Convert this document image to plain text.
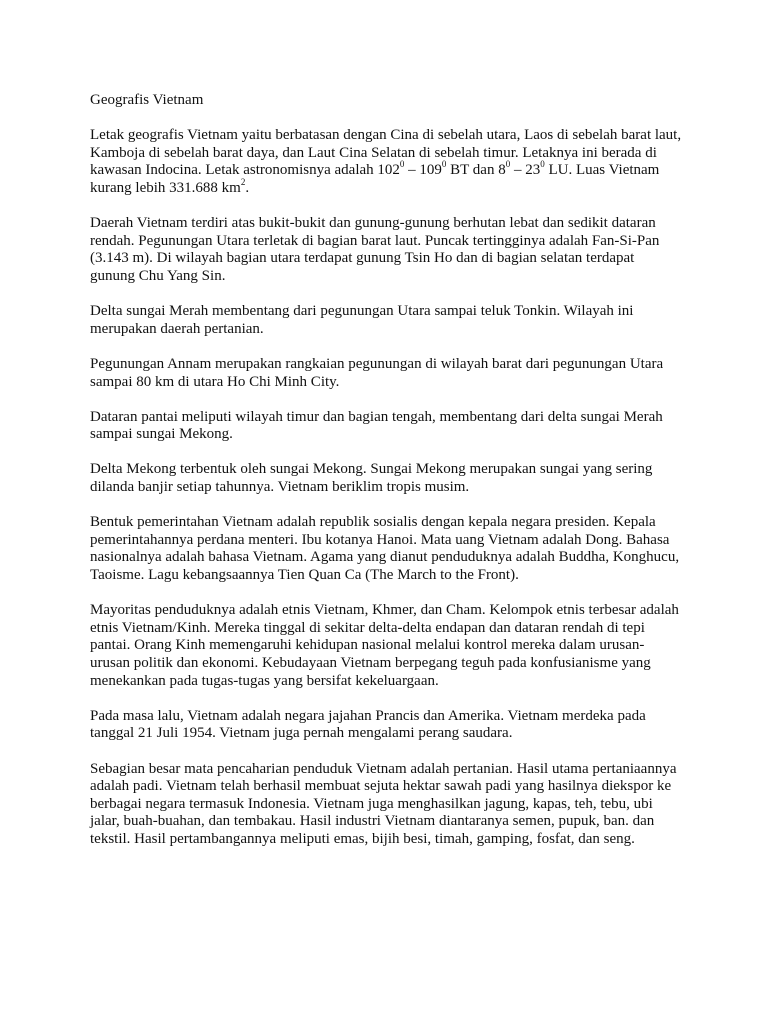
Geografis Vietnam

Letak geografis Vietnam yaitu berbatasan dengan Cina di sebelah utara, Laos di sebelah barat laut, Kamboja di sebelah barat daya, dan Laut Cina Selatan di sebelah timur. Letaknya ini berada di kawasan Indocina. Letak astronomisnya adalah $102^0 - 109^0$ BT dan $8^0 - 23^0$ LU. Luas Vietnam kurang lebih 331.688 $km^2$.

Daerah Vietnam terdiri atas bukit-bukit dan gunung-gunung berhutan lebat dan sedikit dataran rendah. Pegunungan Utara terletak di bagian barat laut. Puncak tertingginya adalah Fan-Si-Pan (3.143 m). Di wilayah bagian utara terdapat gunung Tsin Ho dan di bagian selatan terdapat gunung Chu Yang Sin.

Delta sungai Merah membentang dari pegunungan Utara sampai teluk Tonkin. Wilayah ini merupakan daerah pertanian.

Pegunungan Annam merupakan rangkaian pegunungan di wilayah barat dari pegunungan Utara sampai 80 km di utara Ho Chi Minh City.

Dataran pantai meliputi wilayah timur dan bagian tengah, membentang dari delta sungai Merah sampai sungai Mekong.

Delta Mekong terbentuk oleh sungai Mekong. Sungai Mekong merupakan sungai yang sering dilanda banjir setiap tahunnya. Vietnam beriklim tropis musim.

Bentuk pemerintahan Vietnam adalah republik sosialis dengan kepala negara presiden. Kepala pemerintahannya perdana menteri. Ibu kotanya Hanoi. Mata uang Vietnam adalah Dong. Bahasa nasionalnya adalah bahasa Vietnam. Agama yang dianut penduduknya adalah Buddha, Konghucu, Taoisme. Lagu kebangsaannya Tien Quan Ca (The March to the Front).

Mayoritas penduduknya adalah etnis Vietnam, Khmer, dan Cham. Kelompok etnis terbesar adalah etnis Vietnam/Kinh. Mereka tinggal di sekitar delta-delta endapan dan dataran rendah di tepi pantai. Orang Kinh memengaruhi kehidupan nasional melalui kontrol mereka dalam urusan-urusan politik dan ekonomi. Kebudayaan Vietnam berpegang teguh pada konfusianisme yang menekankan pada tugas-tugas yang bersifat kekeluargaan.

Pada masa lalu, Vietnam adalah negara jajahan Prancis dan Amerika. Vietnam merdeka pada tanggal 21 Juli 1954. Vietnam juga pernah mengalami perang saudara.

Sebagian besar mata pencaharian penduduk Vietnam adalah pertanian. Hasil utama pertaniaannya adalah padi. Vietnam telah berhasil membuat sejuta hektar sawah padi yang hasilnya diekspor ke berbagai negara termasuk Indonesia. Vietnam juga menghasilkan jagung, kapas, teh, tebu, ubi jalar, buah-buahan, dan tembakau. Hasil industri Vietnam diantaranya semen, pupuk, ban. dan tekstil. Hasil pertambangannya meliputi emas, bijih besi, timah, gamping, fosfat, dan seng.
